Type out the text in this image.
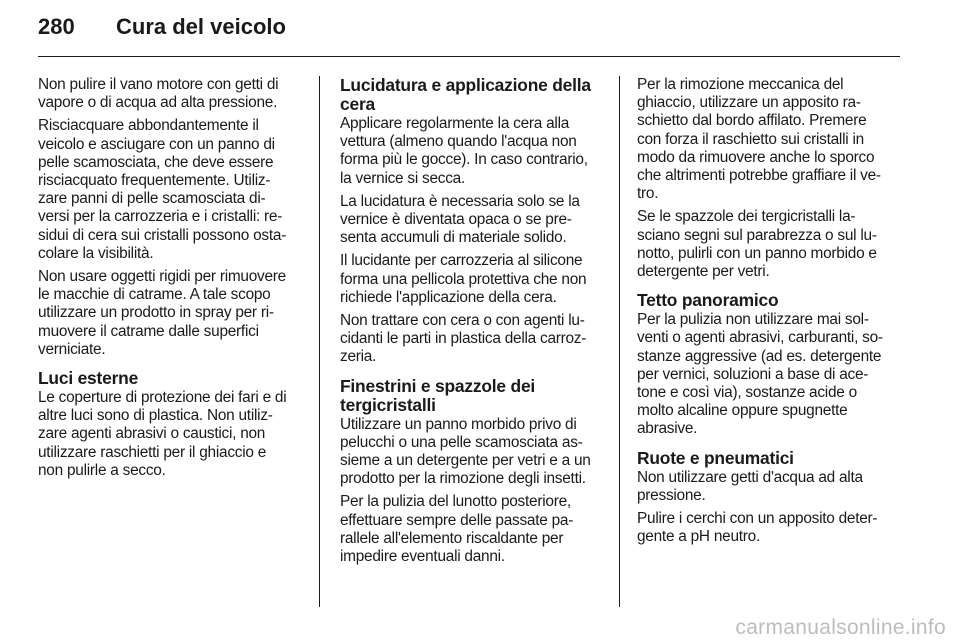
280 Cura del veicolo

Non pulire il vano motore con getti di
vapore o di acqua ad alta pressione.

Risciacquare abbondantemente il
veicolo e asciugare con un panno di
pelle scamosciata, che deve essere
risciacquato frequentemente. Utiliz-
zare panni di pelle scamosciata di-
versi per la carrozzeria e i cristalli: re-
sidui di cera sui cristalli possono osta-
colare la visibilità.

Non usare oggetti rigidi per rimuovere
le macchie di catrame. A tale scopo
utilizzare un prodotto in spray per ri-
muovere il catrame dalle superfici
verniciate.

Luci esterne

Le coperture di protezione dei fari e di
altre luci sono di plastica. Non utiliz-
zare agenti abrasivi o caustici, non
utilizzare raschietti per il ghiaccio e
non pulirle a secco.

Lucidatura e applicazione della
cera

Applicare regolarmente la cera alla
vettura (almeno quando l'acqua non
forma più le gocce). In caso contrario,
la vernice si secca.

La lucidatura è necessaria solo se la
vernice è diventata opaca o se pre-
senta accumuli di materiale solido.

Il lucidante per carrozzeria al silicone
forma una pellicola protettiva che non
richiede l'applicazione della cera.

Non trattare con cera o con agenti lu-
cidanti le parti in plastica della carroz-
zeria.

Finestrini e spazzole dei
tergicristalli

Utilizzare un panno morbido privo di
pelucchi o una pelle scamosciata as-
sieme a un detergente per vetri e a un
prodotto per la rimozione degli insetti.

Per la pulizia del lunotto posteriore,
effettuare sempre delle passate pa-
rallele all'elemento riscaldante per
impedire eventuali danni.

Per la rimozione meccanica del
ghiaccio, utilizzare un apposito ra-
schietto dal bordo affilato. Premere
con forza il raschietto sui cristalli in
modo da rimuovere anche lo sporco
che altrimenti potrebbe graffiare il ve-
tro.

Se le spazzole dei tergicristalli la-
sciano segni sul parabrezza o sul lu-
notto, pulirli con un panno morbido e
detergente per vetri.

Tetto panoramico

Per la pulizia non utilizzare mai sol-
venti o agenti abrasivi, carburanti, so-
stanze aggressive (ad es. detergente
per vernici, soluzioni a base di ace-
tone e così via), sostanze acide o
molto alcaline oppure spugnette
abrasive.

Ruote e pneumatici

Non utilizzare getti d'acqua ad alta
pressione.

Pulire i cerchi con un apposito deter-
gente a pH neutro.

carmanualsonline.info
